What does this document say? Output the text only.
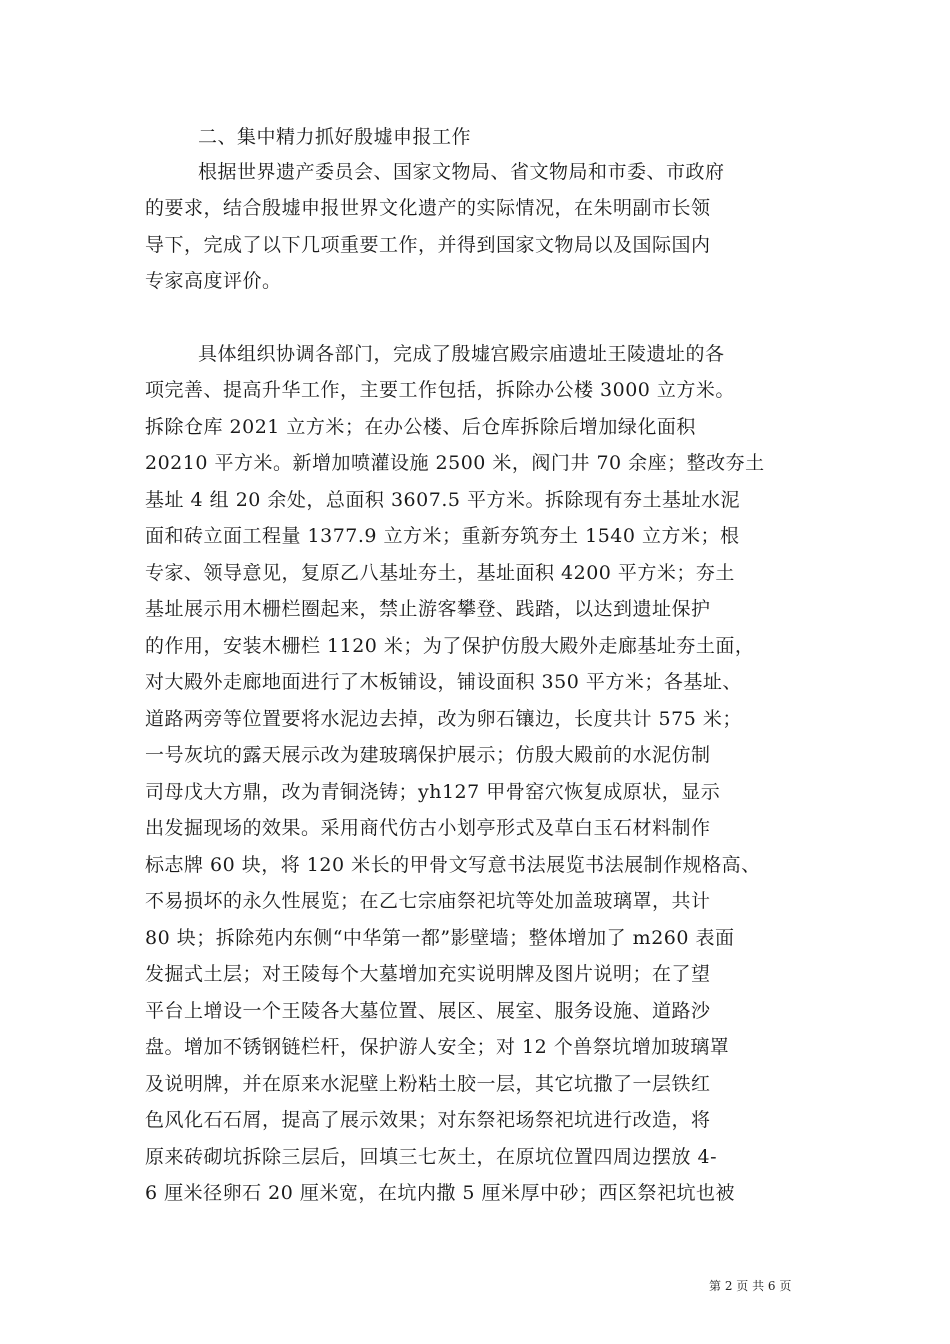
二、集中精力抓好殷墟申报工作
根据世界遗产委员会、国家文物局、省文物局和市委、市政府
的要求，结合殷墟申报世界文化遗产的实际情况，在朱明副市长领
导下，完成了以下几项重要工作，并得到国家文物局以及国际国内
专家高度评价。
具体组织协调各部门，完成了殷墟宫殿宗庙遗址王陵遗址的各
项完善、提高升华工作，主要工作包括，拆除办公楼 3000 立方米。
拆除仓库 2021 立方米；在办公楼、后仓库拆除后增加绿化面积
20210 平方米。新增加喷灌设施 2500 米，阀门井 70 余座；整改夯土
基址 4 组 20 余处，总面积 3607.5 平方米。拆除现有夯土基址水泥
面和砖立面工程量 1377.9 立方米；重新夯筑夯土 1540 立方米；根
专家、领导意见，复原乙八基址夯土，基址面积 4200 平方米；夯土
基址展示用木栅栏圈起来，禁止游客攀登、践踏，以达到遗址保护
的作用，安装木栅栏 1120 米；为了保护仿殷大殿外走廊基址夯土面，
对大殿外走廊地面进行了木板铺设，铺设面积 350 平方米；各基址、
道路两旁等位置要将水泥边去掉，改为卵石镶边，长度共计 575 米；
一号灰坑的露天展示改为建玻璃保护展示；仿殷大殿前的水泥仿制
司母戊大方鼎，改为青铜浇铸；yh127 甲骨窑穴恢复成原状，显示
出发掘现场的效果。采用商代仿古小划亭形式及草白玉石材料制作
标志牌 60 块，将 120 米长的甲骨文写意书法展览书法展制作规格高、
不易损坏的永久性展览；在乙七宗庙祭祀坑等处加盖玻璃罩，共计
80 块；拆除苑内东侧“中华第一都”影壁墙；整体增加了 m260 表面
发掘式土层；对王陵每个大墓增加充实说明牌及图片说明；在了望
平台上增设一个王陵各大墓位置、展区、展室、服务设施、道路沙
盘。增加不锈钢链栏杆，保护游人安全；对 12 个兽祭坑增加玻璃罩
及说明牌，并在原来水泥壁上粉粘土胶一层，其它坑撒了一层铁红
色风化石石屑，提高了展示效果；对东祭祀场祭祀坑进行改造，将
原来砖砌坑拆除三层后，回填三七灰土，在原坑位置四周边摆放 4-
6 厘米径卵石 20 厘米宽，在坑内撒 5 厘米厚中砂；西区祭祀坑也被
第 2 页 共 6 页
